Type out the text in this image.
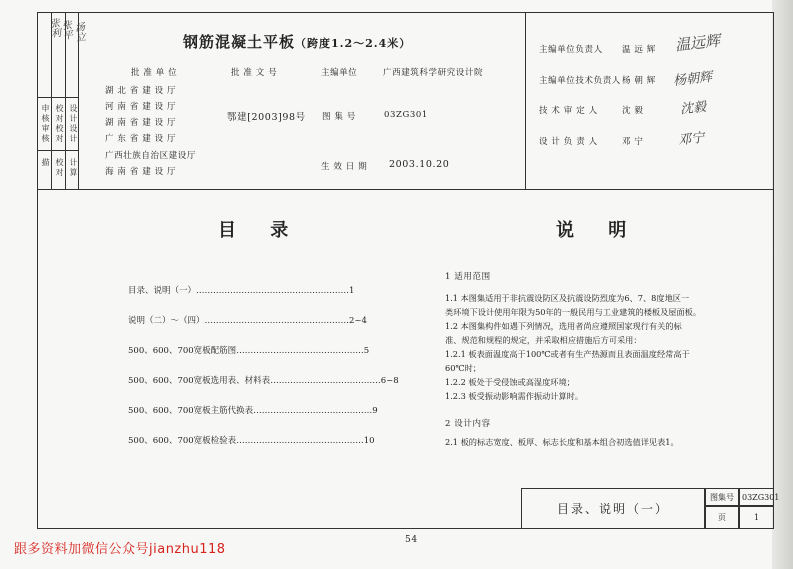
张利
张平 汤立
申核 校对 设计
审核 校对 设计
描 校对 计算
钢筋混凝土平板（跨度1.2～2.4米）
批 准 单 位
湖 北 省 建 设 厅
河 南 省 建 设 厅
湖 南 省 建 设 厅
广 东 省 建 设 厅
广西壮族自治区建设厅
海 南 省 建 设 厅
批 准 文 号	主编单位	广西建筑科学研究设计院
鄂建[2003]98号 图 集 号	03ZG301
生 效 日 期 2003.10.20
主编单位负责人 温 远 辉 温远辉
主编单位技术负责人 杨 朝 辉 杨朝辉
技 术 审 定 人	沈 毅	沈毅
设 计 负 责 人	邓 宁	邓宁
目 录
目录、说明（一）………………………………………………1
说明（二）～（四）……………………………………………2~4
500、600、700宽板配筋图………………………………………5
500、600、700宽板选用表、材料表…………………………………6~8
500、600、700宽板主筋代换表……………………………………9
500、600、700宽板检验表………………………………………10
说 明
1 适用范围
1.1 本图集适用于非抗震设防区及抗震设防烈度为6、7、8度地区一
类环境下设计使用年限为50年的一般民用与工业建筑的楼板及屋面板。
1.2 本图集构件如遇下列情况，选用者尚应遵照国家现行有关的标
准、规范和规程的规定，并采取相应措施后方可采用：
1.2.1 板表面温度高于100℃或者有生产热源而且表面温度经常高于
60℃时；
1.2.2 板处于受侵蚀或高湿度环境；
1.2.3 板受振动影响需作振动计算时。
2 设计内容
2.1 板的标志宽度、板厚、标志长度和基本组合初选值详见表1。
目录、说明（一）
图集号 03ZG301
页	1
54
跟多资料加微信公众号jianzhu118
